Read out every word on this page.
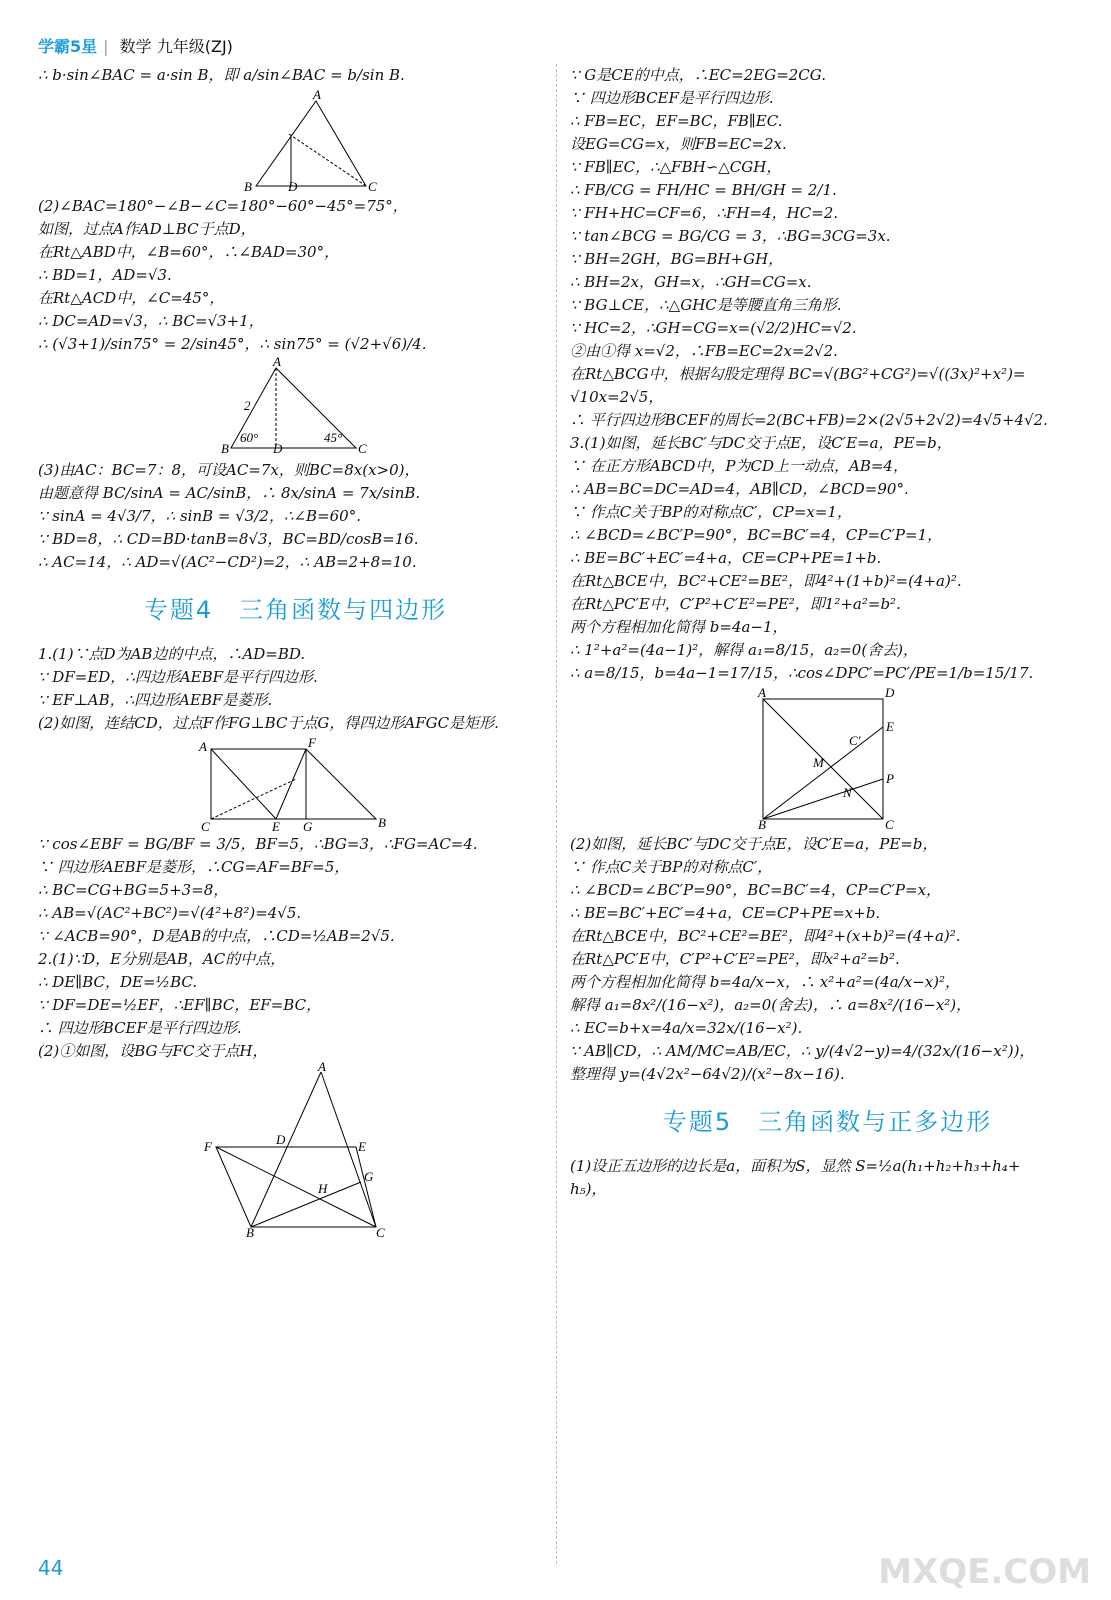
学霸5星 | 数学 九年级(ZJ)
∴ b·sin∠BAC = a·sin B，即 a/sin∠BAC = b/sin B.
A
B	C
D
(2)∠BAC=180°−∠B−∠C=180°−60°−45°=75°，
如图，过点A作AD⊥BC于点D，
在Rt△ABD中，∠B=60°，∴∠BAD=30°，
∴ BD=1，AD=√3.
在Rt△ACD中，∠C=45°，
∴ DC=AD=√3，∴ BC=√3+1，
∴ (√3+1)/sin75° = 2/sin45°，∴ sin75° = (√2+√6)/4.
A
B	C
D
2
60°	45°
(3)由AC：BC=7：8，可设AC=7x，则BC=8x(x>0)，
由题意得 BC/sinA = AC/sinB，∴ 8x/sinA = 7x/sinB.
∵ sinA = 4√3/7，∴ sinB = √3/2，∴∠B=60°.
∵ BD=8，∴ CD=BD·tanB=8√3，BC=BD/cosB=16.
∴ AC=14，∴ AD=√(AC²−CD²)=2，∴ AB=2+8=10.
专题4　三角函数与四边形
1.(1)∵点D为AB边的中点，∴AD=BD.
∵ DF=ED，∴四边形AEBF是平行四边形.
∵ EF⊥AB，∴四边形AEBF是菱形.
(2)如图，连结CD，过点F作FG⊥BC于点G，得四边形AFGC是矩形.
A	F
C	E G	B
∵ cos∠EBF = BG/BF = 3/5，BF=5，∴BG=3，∴FG=AC=4.
∵ 四边形AEBF是菱形，∴CG=AF=BF=5，
∴ BC=CG+BG=5+3=8，
∴ AB=√(AC²+BC²)=√(4²+8²)=4√5.
∵ ∠ACB=90°，D是AB的中点，∴CD=½AB=2√5.
2.(1)∵D，E分别是AB，AC的中点，
∴ DE∥BC，DE=½BC.
∵ DF=DE=½EF，∴EF∥BC，EF=BC，
∴ 四边形BCEF是平行四边形.
(2)①如图，设BG与FC交于点H，
A
F	D	E
G
H
B	C
∵ G是CE的中点，∴EC=2EG=2CG.
∵ 四边形BCEF是平行四边形.
∴ FB=EC，EF=BC，FB∥EC.
设EG=CG=x，则FB=EC=2x.
∵ FB∥EC，∴△FBH∽△CGH，
∴ FB/CG = FH/HC = BH/GH = 2/1.
∵ FH+HC=CF=6，∴FH=4，HC=2.
∵ tan∠BCG = BG/CG = 3，∴BG=3CG=3x.
∵ BH=2GH，BG=BH+GH，
∴ BH=2x，GH=x，∴GH=CG=x.
∵ BG⊥CE，∴△GHC是等腰直角三角形.
∵ HC=2，∴GH=CG=x=(√2/2)HC=√2.
②由①得 x=√2，∴FB=EC=2x=2√2.
在Rt△BCG中，根据勾股定理得 BC=√(BG²+CG²)=√((3x)²+x²)=
√10x=2√5，
∴ 平行四边形BCEF的周长=2(BC+FB)=2×(2√5+2√2)=4√5+4√2.
3.(1)如图，延长BC′与DC交于点E，设C′E=a，PE=b，
∵ 在正方形ABCD中，P为CD上一动点，AB=4，
∴ AB=BC=DC=AD=4，AB∥CD，∠BCD=90°.
∵ 作点C关于BP的对称点C′，CP=x=1，
∴ ∠BCD=∠BC′P=90°，BC=BC′=4，CP=C′P=1，
∴ BE=BC′+EC′=4+a，CE=CP+PE=1+b.
在Rt△BCE中，BC²+CE²=BE²，即4²+(1+b)²=(4+a)².
在Rt△PC′E中，C′P²+C′E²=PE²，即1²+a²=b².
两个方程相加化简得 b=4a−1，
∴ 1²+a²=(4a−1)²，解得 a₁=8/15，a₂=0(舍去)，
∴ a=8/15，b=4a−1=17/15，∴cos∠DPC′=PC′/PE=1/b=15/17.
A	D
B	C
E
P
C′
M
N
(2)如图，延长BC′与DC交于点E，设C′E=a，PE=b，
∵ 作点C关于BP的对称点C′，
∴ ∠BCD=∠BC′P=90°，BC=BC′=4，CP=C′P=x，
∴ BE=BC′+EC′=4+a，CE=CP+PE=x+b.
在Rt△BCE中，BC²+CE²=BE²，即4²+(x+b)²=(4+a)².
在Rt△PC′E中，C′P²+C′E²=PE²，即x²+a²=b².
两个方程相加化简得 b=4a/x−x，∴ x²+a²=(4a/x−x)²，
解得 a₁=8x²/(16−x²)，a₂=0(舍去)，∴ a=8x²/(16−x²)，
∴ EC=b+x=4a/x=32x/(16−x²).
∵ AB∥CD，∴ AM/MC=AB/EC，∴ y/(4√2−y)=4/(32x/(16−x²))，
整理得 y=(4√2x²−64√2)/(x²−8x−16).
专题5　三角函数与正多边形
(1)设正五边形的边长是a，面积为S，显然 S=½a(h₁+h₂+h₃+h₄+
h₅)，
44	MXQE.COM
